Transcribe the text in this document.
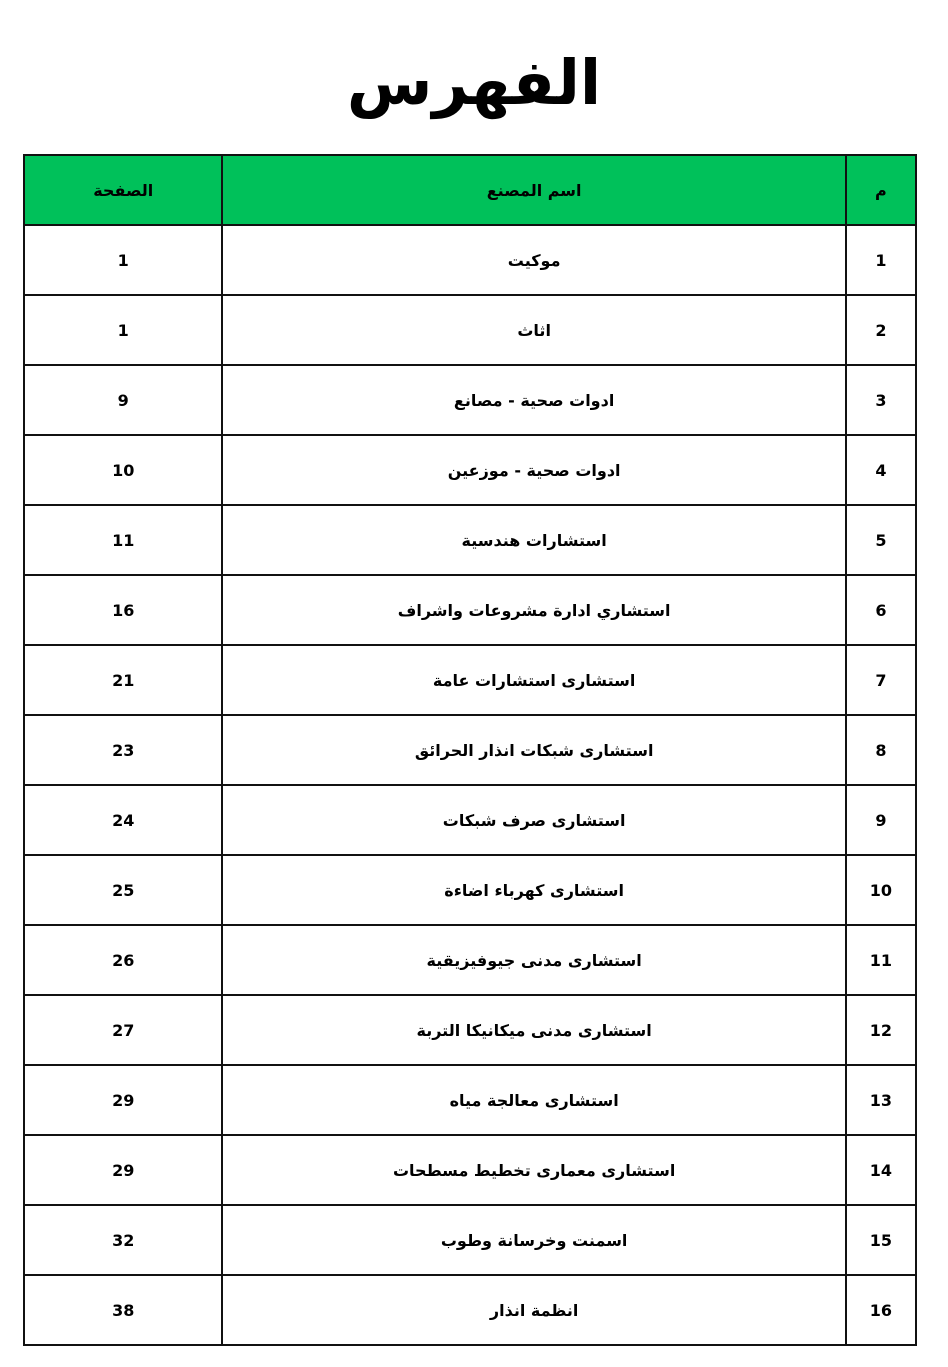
الفهرس
الصفحة	اسم المصنع	م
1	موكيت	1
1	اثاث	2
9	ادوات صحية - مصانع	3
10	ادوات صحية - موزعين	4
11	استشارات هندسية	5
16	استشاري ادارة مشروعات واشراف	6
21	استشارى استشارات عامة	7
23	استشارى شبكات انذار الحرائق	8
24	استشارى صرف شبكات	9
25	استشارى كهرباء اضاءة	10
26	استشارى مدنى جيوفيزيقية	11
27	استشارى مدنى ميكانيكا التربة	12
29	استشارى معالجة مياه	13
29	استشارى معمارى تخطيط مسطحات	14
32	اسمنت وخرسانة وطوب	15
38	انظمة انذار	16
